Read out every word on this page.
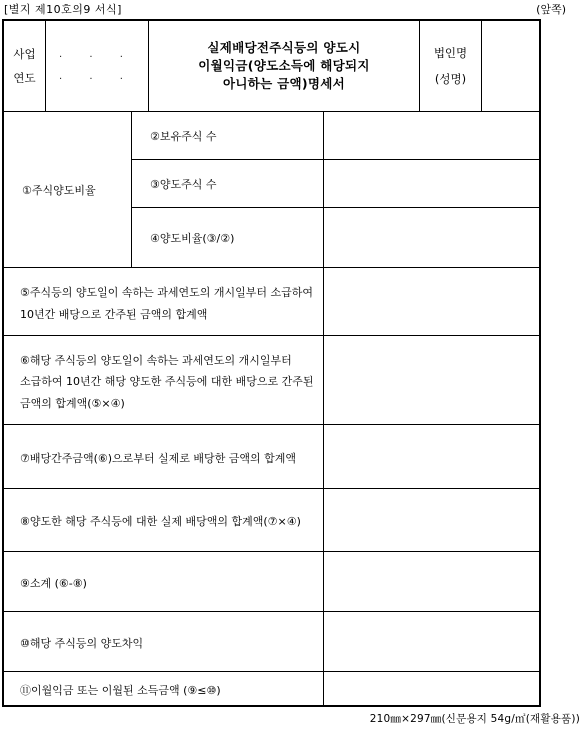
[별지 제10호의9 서식]	(앞쪽)
사업
연도
. . .
. . .
실제배당전주식등의 양도시
이월익금(양도소득에 해당되지
아니하는 금액)명세서
법인명
(성명)
①주식양도비율
②보유주식 수
③양도주식 수
④양도비율(③/②)
⑤주식등의 양도일이 속하는 과세연도의 개시일부터 소급하여 10년간 배당으로 간주된 금액의 합계액
⑥해당 주식등의 양도일이 속하는 과세연도의 개시일부터 소급하여 10년간 해당 양도한 주식등에 대한 배당으로 간주된 금액의 합계액(⑤×④)
⑦배당간주금액(⑥)으로부터 실제로 배당한 금액의 합계액
⑧양도한 해당 주식등에 대한 실제 배당액의 합계액(⑦×④)
⑨소계 (⑥-⑧)
⑩해당 주식등의 양도차익
⑪이월익금 또는 이월된 소득금액 (⑨≤⑩)
210㎜×297㎜(신문용지 54g/㎡(재활용품))
